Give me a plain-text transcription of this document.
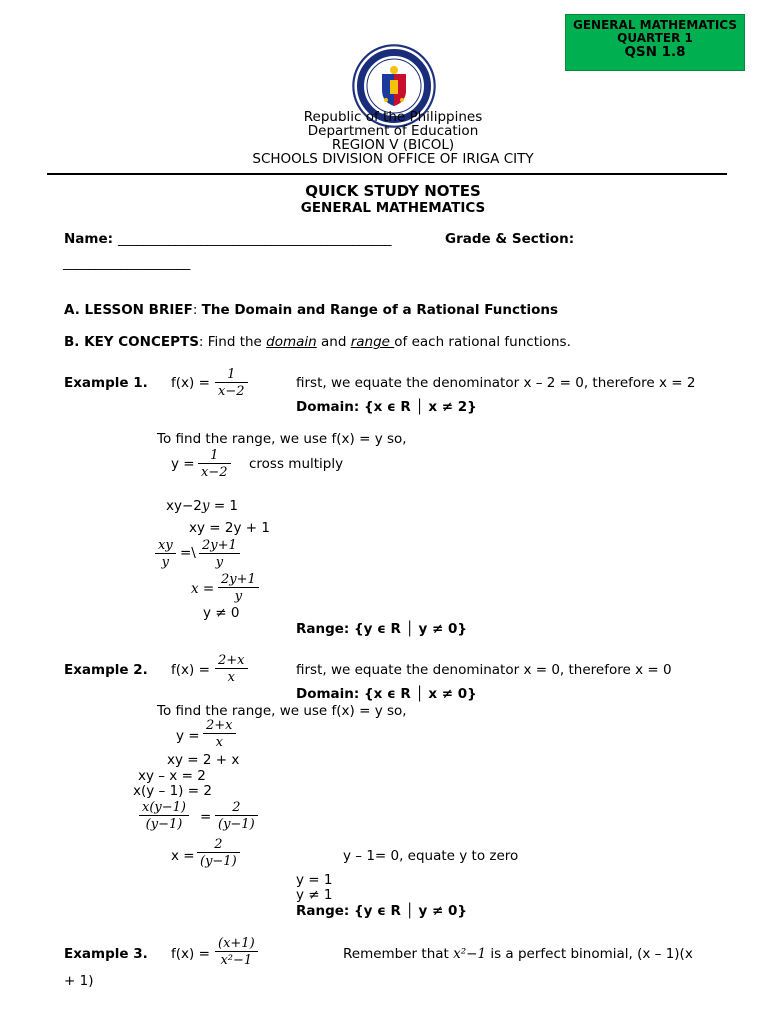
GENERAL MATHEMATICS
QUARTER 1
QSN 1.8
Republic of the Philippines
Department of Education
REGION V (BICOL)
SCHOOLS DIVISION OFFICE OF IRIGA CITY
QUICK STUDY NOTES
GENERAL MATHEMATICS
Name: ___________________________________________	Grade & Section:
____________________
A. LESSON BRIEF: The Domain and Range of a Rational Functions
B. KEY CONCEPTS: Find the domain and range of each rational functions.
Example 1. $f(x) = \frac{1}{x-2}$	first, we equate the denominator x – 2 = 0, therefore x = 2
Domain: {x ϵ R │ x ≠ 2}
To find the range, we use f(x) = y so,
$y = \frac{1}{x-2}$ cross multiply
xy−2y = 1
xy = 2y + 1
$\frac{xy}{y}$ =\ $\frac{2y+1}{y}$
$x = \frac{2y+1}{y}$
y ≠ 0
Range: {y ϵ R │ y ≠ 0}
Example 2. $f(x) = \frac{2+x}{x}$	first, we equate the denominator x = 0, therefore x = 0
Domain: {x ϵ R │ x ≠ 0}
To find the range, we use f(x) = y so,
$y = \frac{2+x}{x}$
xy = 2 + x
xy – x = 2
x(y – 1) = 2
$\frac{x(y-1)}{(y-1)} = \frac{2}{(y-1)}$
$x = \frac{2}{(y-1)}$	y – 1= 0, equate y to zero
y = 1
y ≠ 1
Range: {y ϵ R │ y ≠ 0}
Example 3. $f(x) = \frac{(x+1)}{\text{x²−1}}$	Remember that x²−1 is a perfect binomial, (x – 1)(x
+ 1)
